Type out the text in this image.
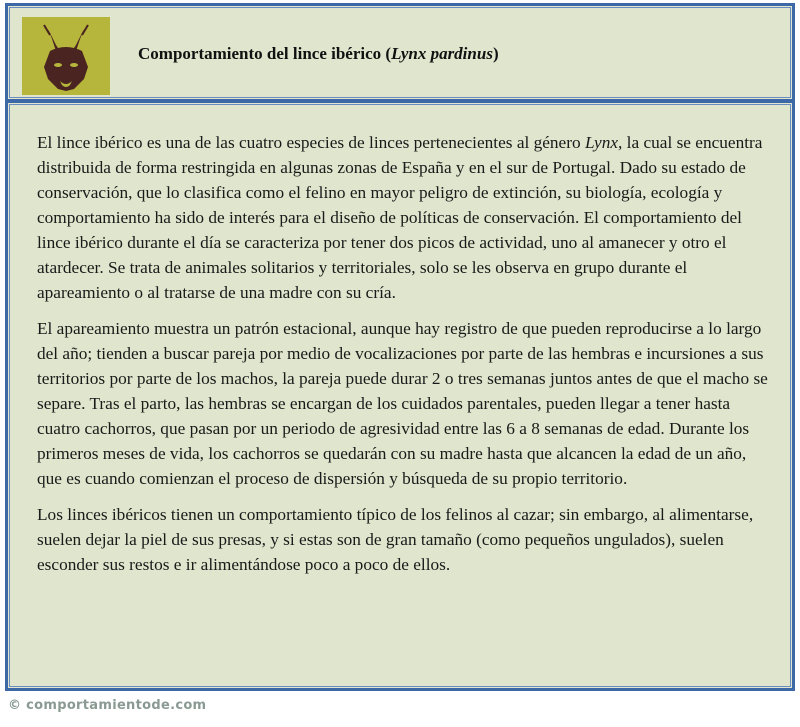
Comportamiento del lince ibérico (Lynx pardinus)

El lince ibérico es una de las cuatro especies de linces pertenecientes al género Lynx, la cual se encuentra distribuida de forma restringida en algunas zonas de España y en el sur de Portugal. Dado su estado de conservación, que lo clasifica como el felino en mayor peligro de extinción, su biología, ecología y comportamiento ha sido de interés para el diseño de políticas de conservación. El comportamiento del lince ibérico durante el día se caracteriza por tener dos picos de actividad, uno al amanecer y otro el atardecer. Se trata de animales solitarios y territoriales, solo se les observa en grupo durante el apareamiento o al tratarse de una madre con su cría.

El apareamiento muestra un patrón estacional, aunque hay registro de que pueden reproducirse a lo largo del año; tienden a buscar pareja por medio de vocalizaciones por parte de las hembras e incursiones a sus territorios por parte de los machos, la pareja puede durar 2 o tres semanas juntos antes de que el macho se separe. Tras el parto, las hembras se encargan de los cuidados parentales, pueden llegar a tener hasta cuatro cachorros, que pasan por un periodo de agresividad entre las 6 a 8 semanas de edad. Durante los primeros meses de vida, los cachorros se quedarán con su madre hasta que alcancen la edad de un año, que es cuando comienzan el proceso de dispersión y búsqueda de su propio territorio.

Los linces ibéricos tienen un comportamiento típico de los felinos al cazar; sin embargo, al alimentarse, suelen dejar la piel de sus presas, y si estas son de gran tamaño (como pequeños ungulados), suelen esconder sus restos e ir alimentándose poco a poco de ellos.

© comportamientode.com
